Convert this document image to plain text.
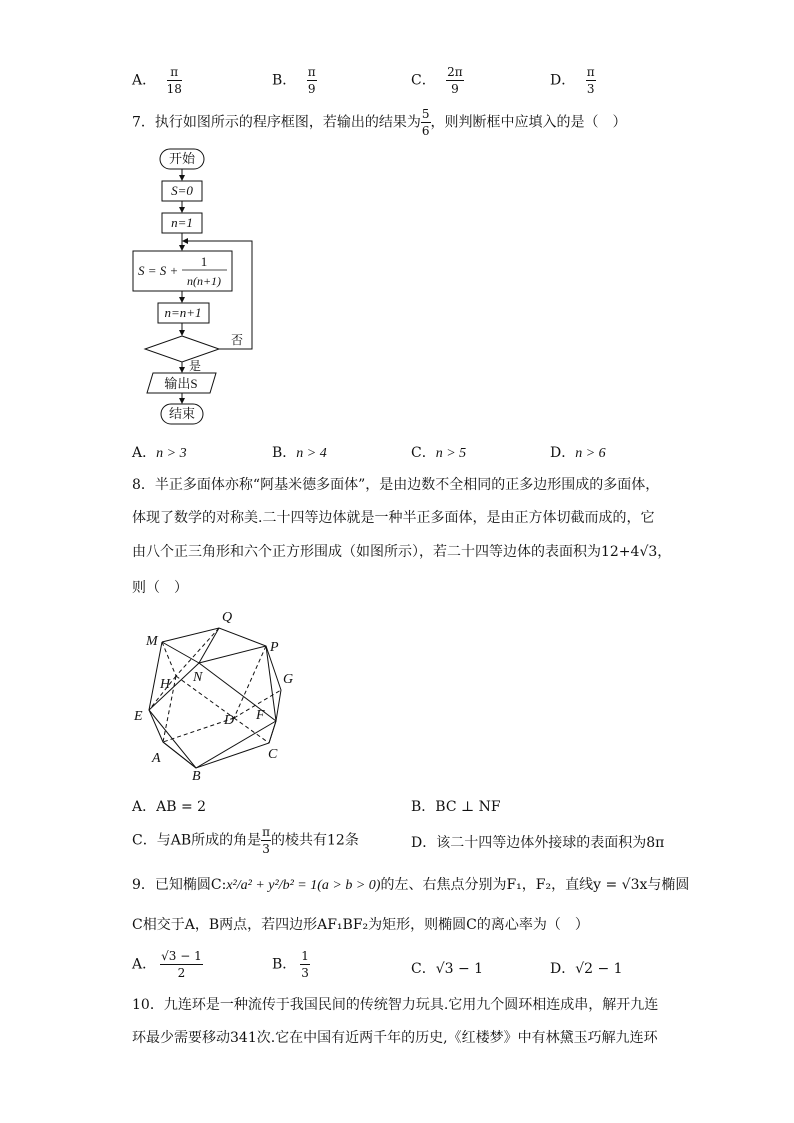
A． $\frac{\pi}{18}$	B． $\frac{\pi}{9}$	C． $\frac{2\pi}{9}$	D． $\frac{\pi}{3}$
7．执行如图所示的程序框图，若输出的结果为 $\frac{5}{6}$ ，则判断框中应填入的是（　）
开始
S=0
n=1
S = S +
1
n(n+1)
n=n+1
否
是
输出S
结束
A．n > 3	B．n > 4	C．n > 5	D．n > 6
8．半正多面体亦称“阿基米德多面体”，是由边数不全相同的正多边形围成的多面体，
体现了数学的对称美.二十四等边体就是一种半正多面体，是由正方体切截而成的，它
由八个正三角形和六个正方形围成（如图所示），若二十四等边体的表面积为12+4√3，
则（　）
Q
M	P
G
H N
E	D F
A	C
B
A．AB = 2	B．BC ⊥ NF
C．与AB所成的角是 $\frac{\pi}{3}$ 的棱共有12条	D．该二十四等边体外接球的表面积为8π
9．已知椭圆C:x²/a² + y²/b² = 1(a > b > 0)的左、右焦点分别为F₁，F₂，直线y = √3x与椭圆
C相交于A，B两点，若四边形AF₁BF₂为矩形，则椭圆C的离心率为（　）
A． $\frac{√3 - 1}{2}$	B． $\frac{1}{3}$	C．√3 − 1	D．√2 − 1
10．九连环是一种流传于我国民间的传统智力玩具.它用九个圆环相连成串，解开九连
环最少需要移动341次.它在中国有近两千年的历史,《红楼梦》中有林黛玉巧解九连环
